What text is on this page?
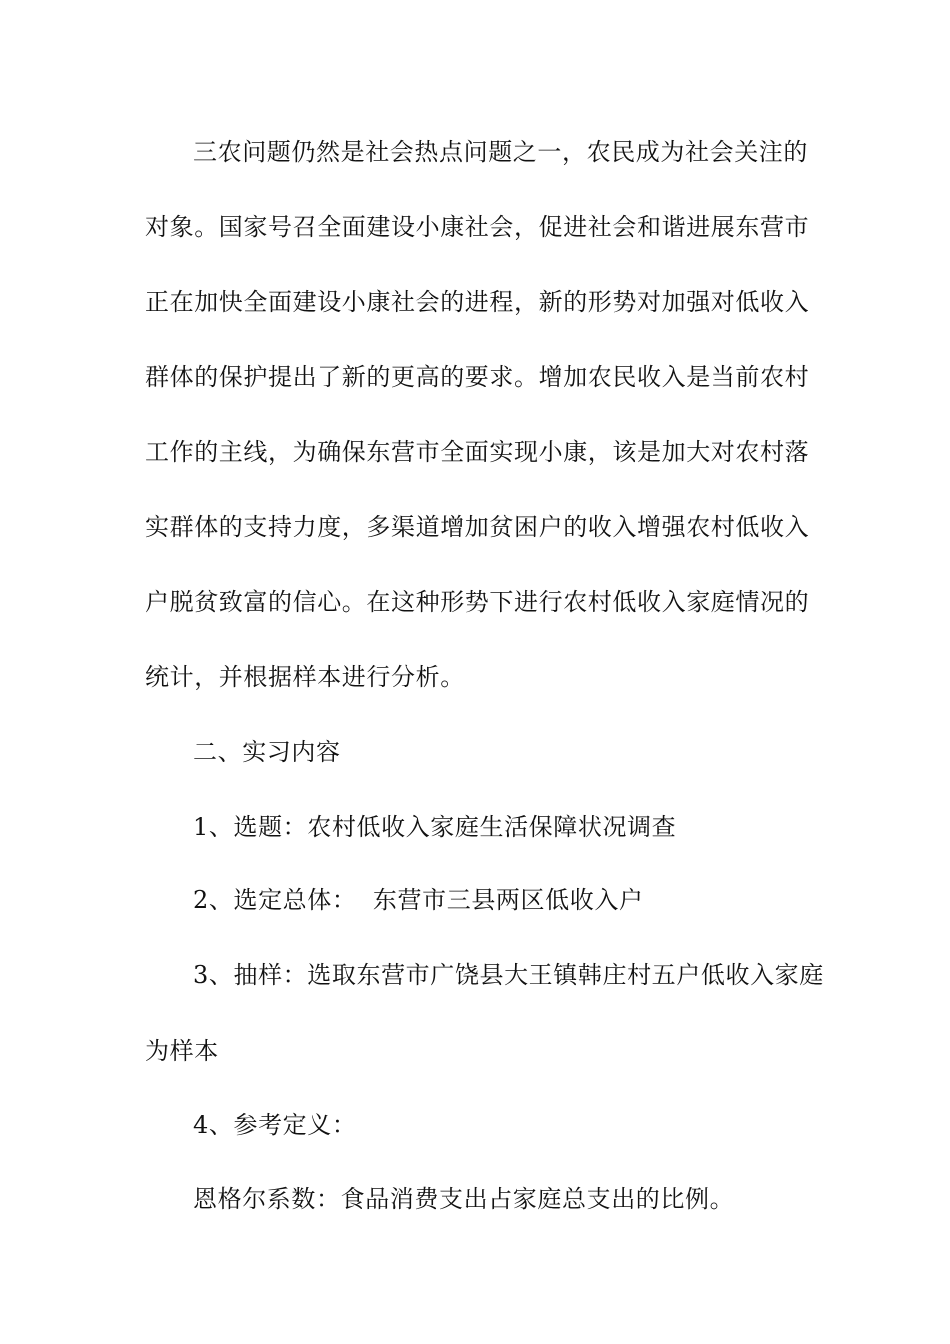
三农问题仍然是社会热点问题之一，农民成为社会关注的
对象。国家号召全面建设小康社会，促进社会和谐进展东营市
正在加快全面建设小康社会的进程，新的形势对加强对低收入
群体的保护提出了新的更高的要求。增加农民收入是当前农村
工作的主线，为确保东营市全面实现小康，该是加大对农村落
实群体的支持力度，多渠道增加贫困户的收入增强农村低收入
户脱贫致富的信心。在这种形势下进行农村低收入家庭情况的
统计，并根据样本进行分析。
二、实习内容
1、选题：农村低收入家庭生活保障状况调查
2、选定总体：  东营市三县两区低收入户
3、抽样：选取东营市广饶县大王镇韩庄村五户低收入家庭
为样本
4、参考定义：
恩格尔系数：食品消费支出占家庭总支出的比例。
